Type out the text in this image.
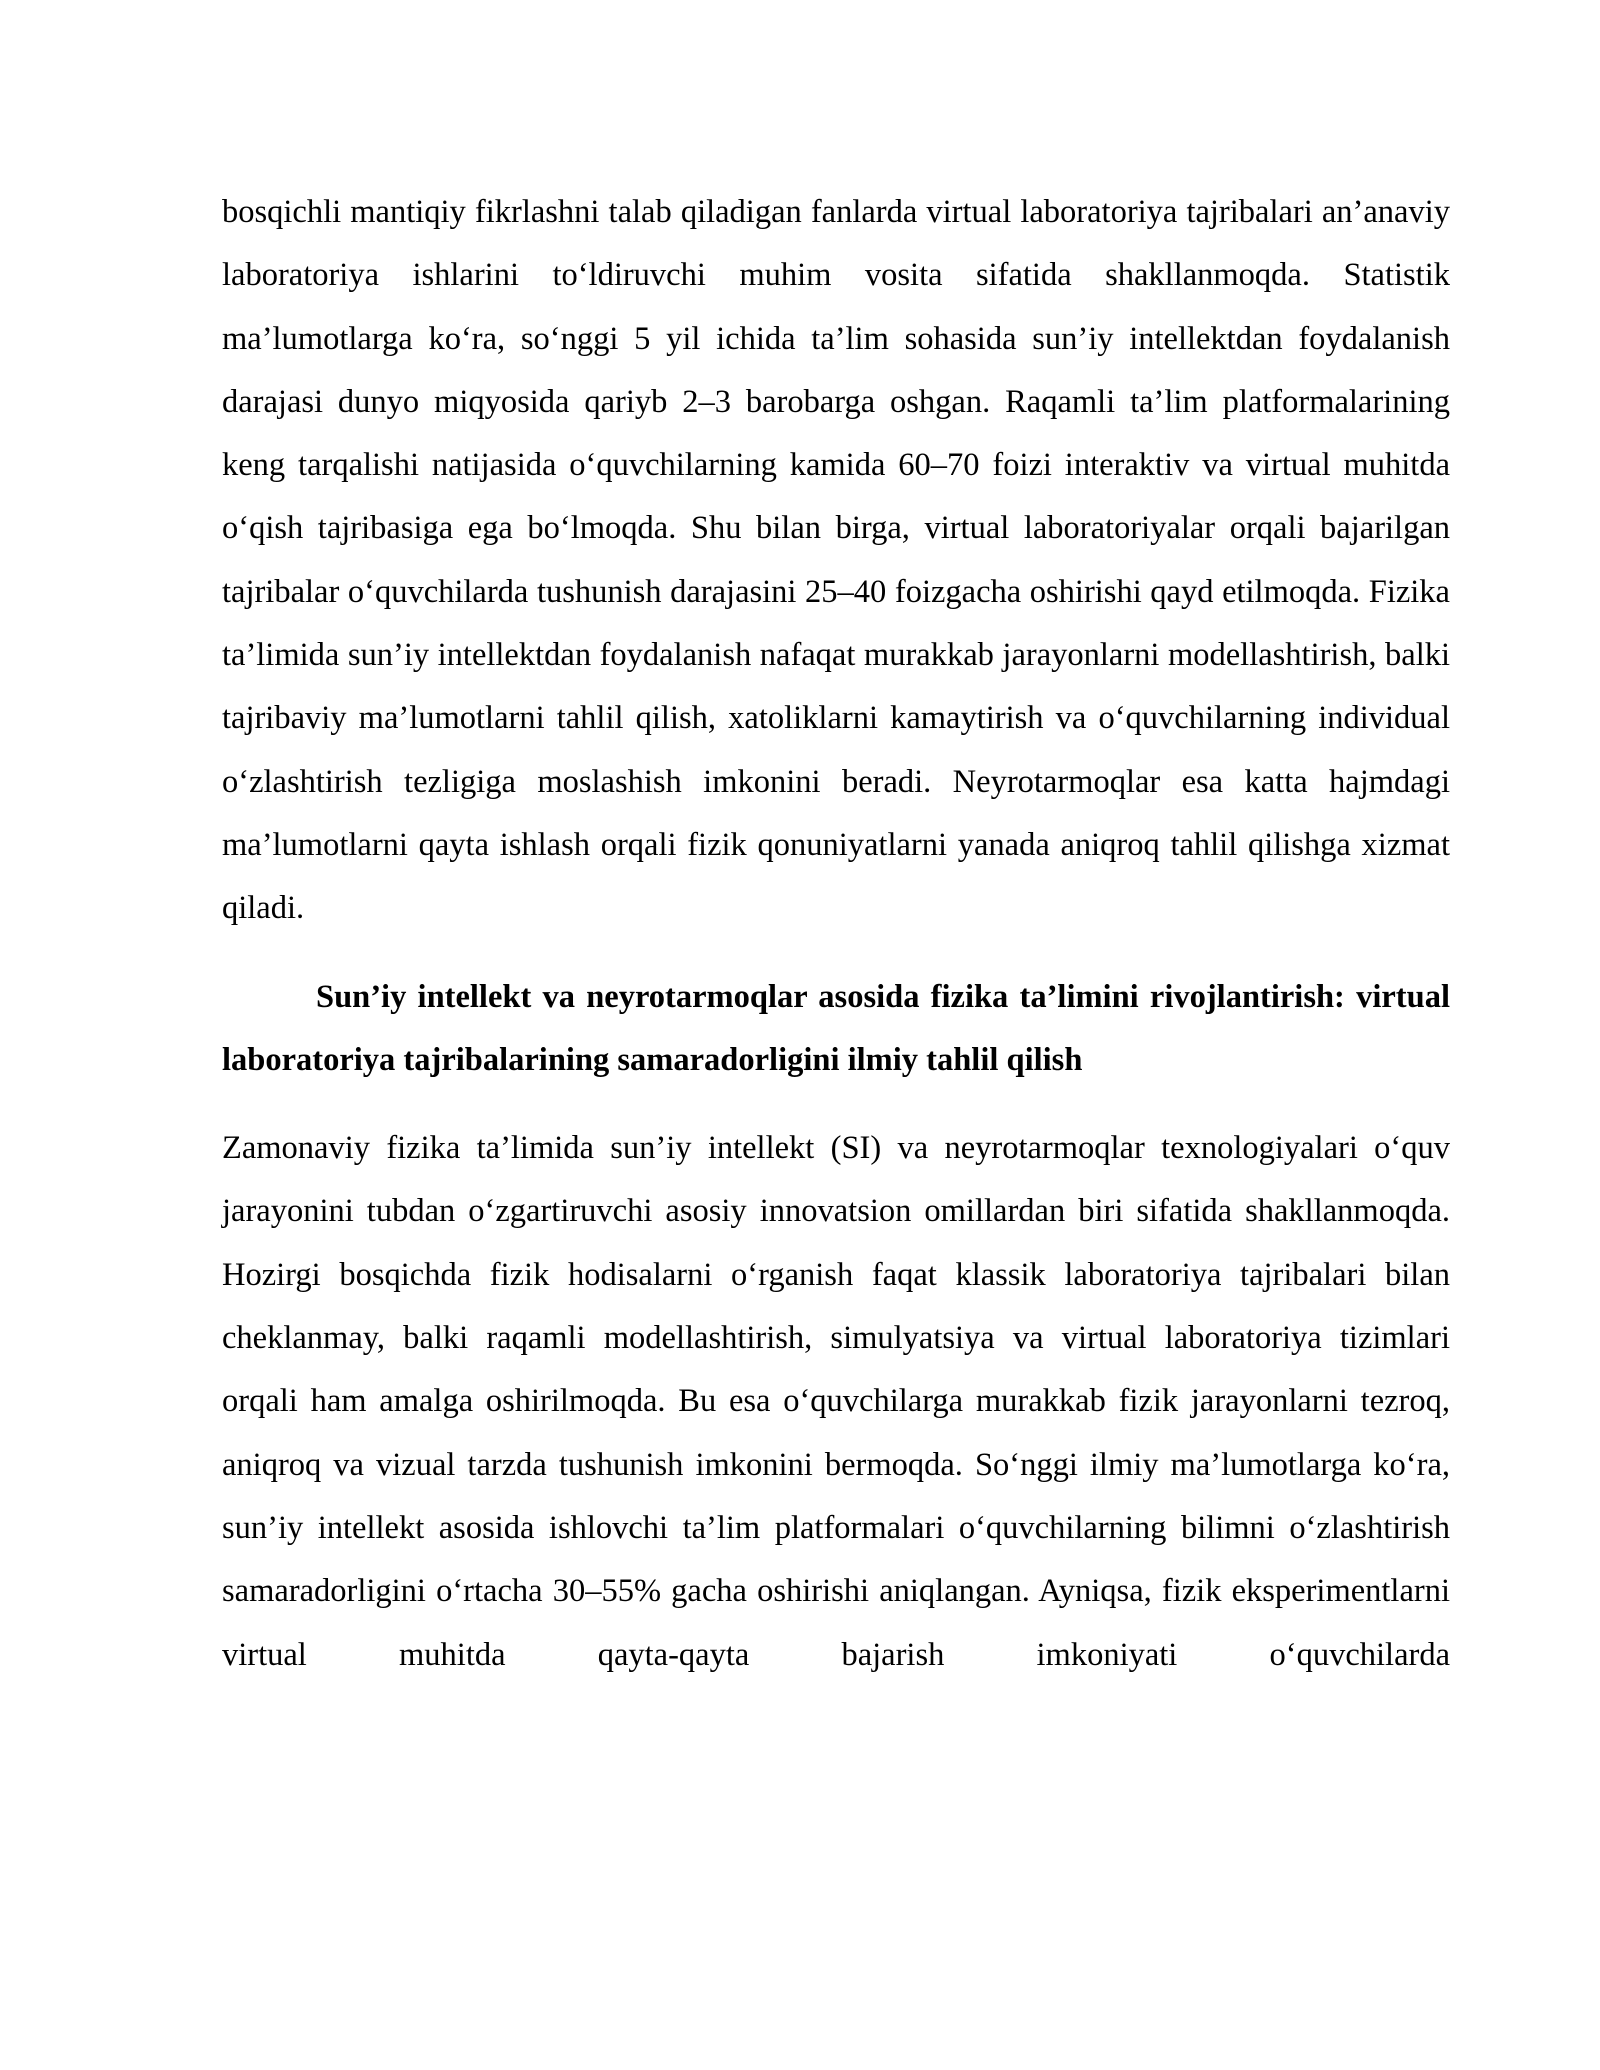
bosqichli mantiqiy fikrlashni talab qiladigan fanlarda virtual laboratoriya tajribalari an’anaviy laboratoriya ishlarini to‘ldiruvchi muhim vosita sifatida shakllanmoqda. Statistik ma’lumotlarga ko‘ra, so‘nggi 5 yil ichida ta’lim sohasida sun’iy intellektdan foydalanish darajasi dunyo miqyosida qariyb 2–3 barobarga oshgan. Raqamli ta’lim platformalarining keng tarqalishi natijasida o‘quvchilarning kamida 60–70 foizi interaktiv va virtual muhitda o‘qish tajribasiga ega bo‘lmoqda. Shu bilan birga, virtual laboratoriyalar orqali bajarilgan tajribalar o‘quvchilarda tushunish darajasini 25–40 foizgacha oshirishi qayd etilmoqda. Fizika ta’limida sun’iy intellektdan foydalanish nafaqat murakkab jarayonlarni modellashtirish, balki tajribaviy ma’lumotlarni tahlil qilish, xatoliklarni kamaytirish va o‘quvchilarning individual o‘zlashtirish tezligiga moslashish imkonini beradi. Neyrotarmoqlar esa katta hajmdagi ma’lumotlarni qayta ishlash orqali fizik qonuniyatlarni yanada aniqroq tahlil qilishga xizmat qiladi.

Sun’iy intellekt va neyrotarmoqlar asosida fizika ta’limini rivojlantirish: virtual laboratoriya tajribalarining samaradorligini ilmiy tahlil qilish

Zamonaviy fizika ta’limida sun’iy intellekt (SI) va neyrotarmoqlar texnologiyalari o‘quv jarayonini tubdan o‘zgartiruvchi asosiy innovatsion omillardan biri sifatida shakllanmoqda. Hozirgi bosqichda fizik hodisalarni o‘rganish faqat klassik laboratoriya tajribalari bilan cheklanmay, balki raqamli modellashtirish, simulyatsiya va virtual laboratoriya tizimlari orqali ham amalga oshirilmoqda. Bu esa o‘quvchilarga murakkab fizik jarayonlarni tezroq, aniqroq va vizual tarzda tushunish imkonini bermoqda. So‘nggi ilmiy ma’lumotlarga ko‘ra, sun’iy intellekt asosida ishlovchi ta’lim platformalari o‘quvchilarning bilimni o‘zlashtirish samaradorligini o‘rtacha 30–55% gacha oshirishi aniqlangan. Ayniqsa, fizik eksperimentlarni virtual muhitda qayta-qayta bajarish imkoniyati o‘quvchilarda
